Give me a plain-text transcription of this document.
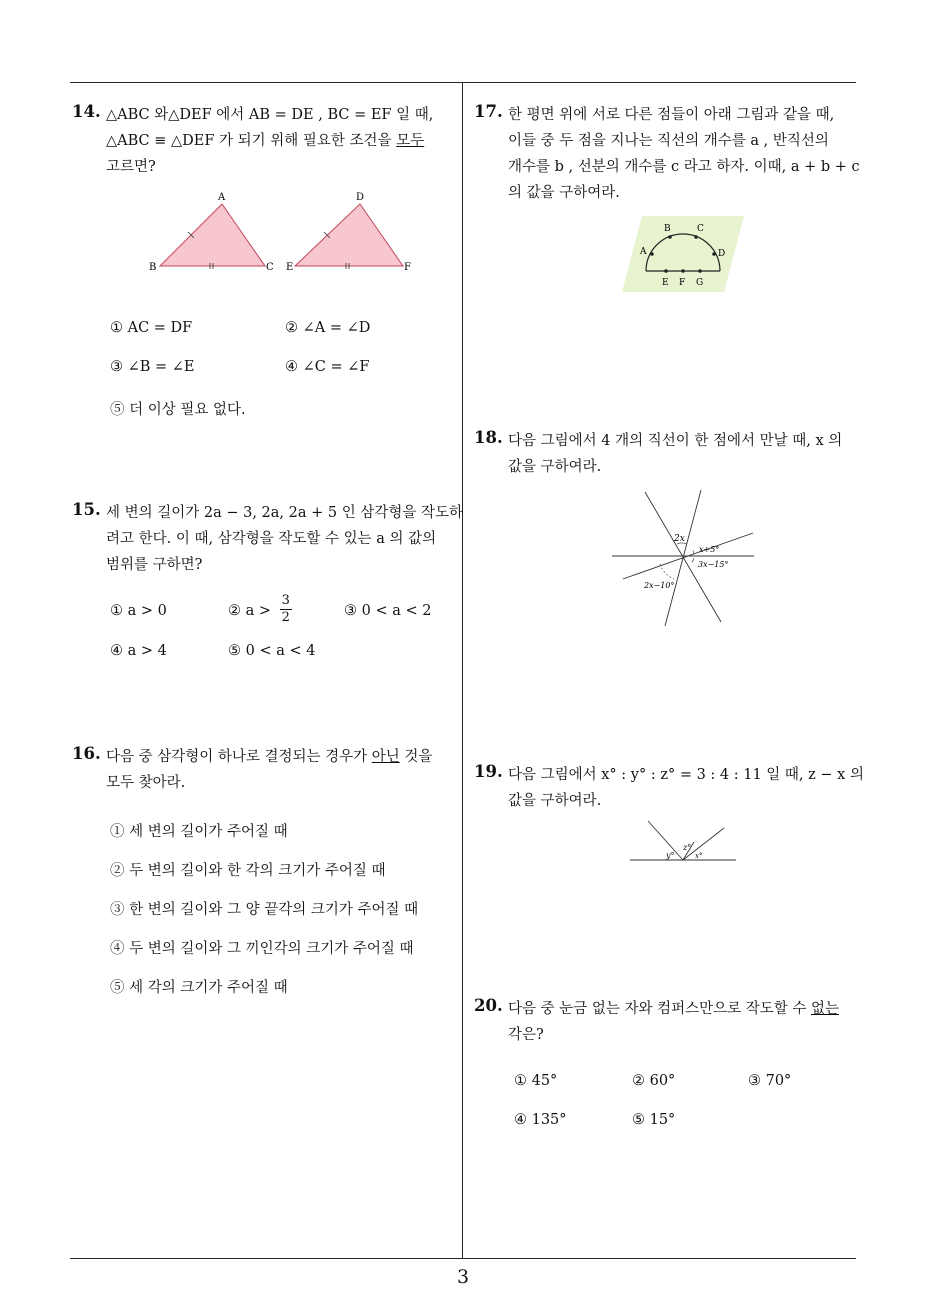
3
14. △ABC 와△DEF 에서 AB = DE , BC = EF 일 때,
△ABC ≡ △DEF 가 되기 위해 필요한 조건을 모두
고르면?
A
B	C
D
E	F
① AC = DF	② ∠A = ∠D
③ ∠B = ∠E	④ ∠C = ∠F
⑤ 더 이상 필요 없다.
15. 세 변의 길이가 2a − 3, 2a, 2a + 5 인 삼각형을 작도하
려고 한다. 이 때, 삼각형을 작도할 수 있는 a 의 값의
범위를 구하면?
① a > 0	② $a > \frac{3}{2}$	③ 0 < a < 2
④ a > 4	⑤ 0 < a < 4
16. 다음 중 삼각형이 하나로 결정되는 경우가 아닌 것을
모두 찾아라.
① 세 변의 길이가 주어질 때
② 두 변의 길이와 한 각의 크기가 주어질 때
③ 한 변의 길이와 그 양 끝각의 크기가 주어질 때
④ 두 변의 길이와 그 끼인각의 크기가 주어질 때
⑤ 세 각의 크기가 주어질 때
17. 한 평면 위에 서로 다른 점들이 아래 그림과 같을 때,
이들 중 두 점을 지나는 직선의 개수를 a , 반직선의
개수를 b , 선분의 개수를 c 라고 하자. 이때, a + b + c
의 값을 구하여라.
A
B	C
D
E F G
18. 다음 그림에서 4 개의 직선이 한 점에서 만날 때, x 의
값을 구하여라.
2x
x+5°
3x−15°
2x−10°
19. 다음 그림에서 x° : y° : z° = 3 : 4 : 11 일 때, z − x 의
값을 구하여라.
y°
z°
x°
20. 다음 중 눈금 없는 자와 컴퍼스만으로 작도할 수 없는
각은?
① 45°	② 60°	③ 70°
④ 135°	⑤ 15°
